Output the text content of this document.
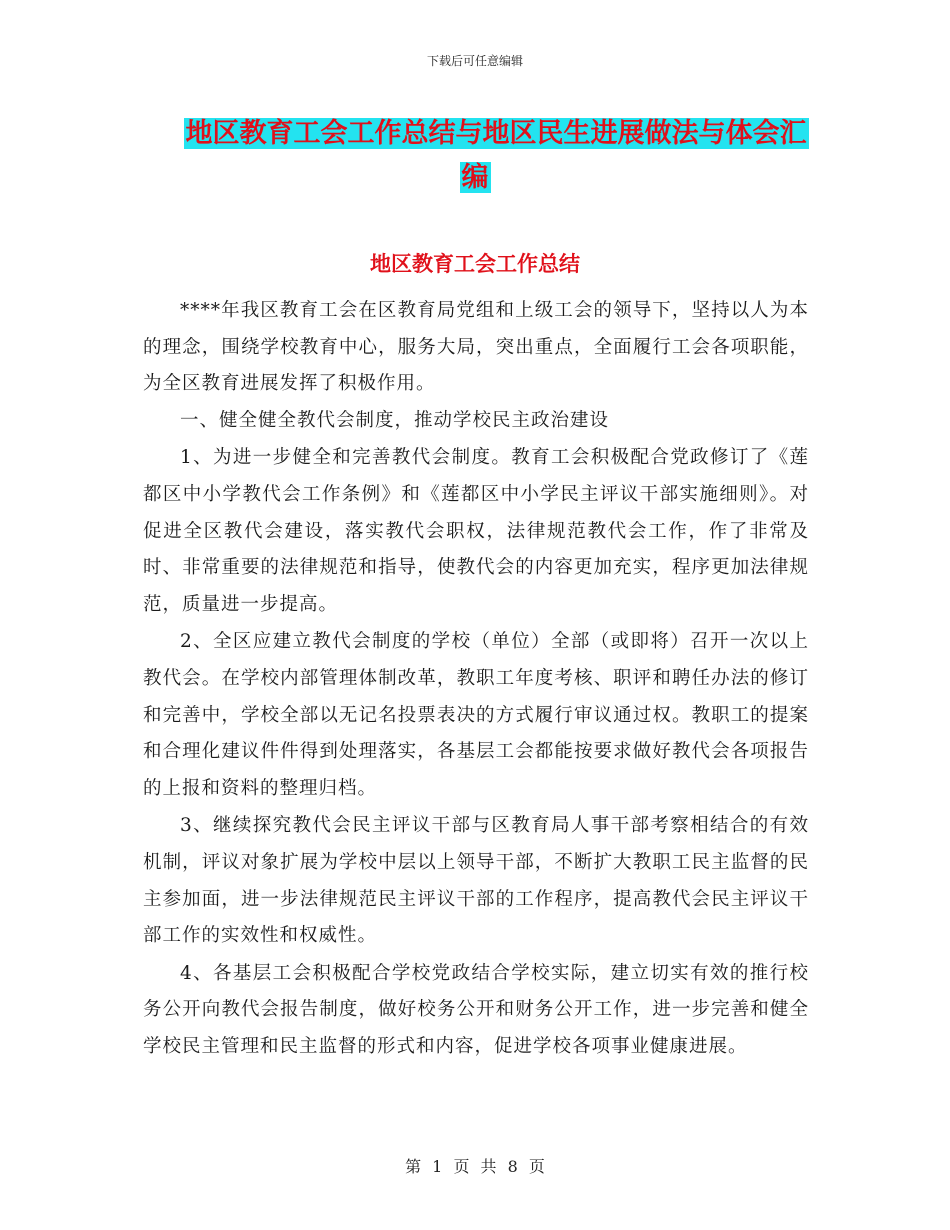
下载后可任意编辑
地区教育工会工作总结与地区民生进展做法与体会汇
编
地区教育工会工作总结

****年我区教育工会在区教育局党组和上级工会的领导下，坚持以人为本的理念，围绕学校教育中心，服务大局，突出重点，全面履行工会各项职能，为全区教育进展发挥了积极作用。

一、健全健全教代会制度，推动学校民主政治建设

1、为进一步健全和完善教代会制度。教育工会积极配合党政修订了《莲都区中小学教代会工作条例》和《莲都区中小学民主评议干部实施细则》。对促进全区教代会建设，落实教代会职权，法律规范教代会工作，作了非常及时、非常重要的法律规范和指导，使教代会的内容更加充实，程序更加法律规范，质量进一步提高。

2、全区应建立教代会制度的学校（单位）全部（或即将）召开一次以上教代会。在学校内部管理体制改革，教职工年度考核、职评和聘任办法的修订和完善中，学校全部以无记名投票表决的方式履行审议通过权。教职工的提案和合理化建议件件得到处理落实，各基层工会都能按要求做好教代会各项报告的上报和资料的整理归档。

3、继续探究教代会民主评议干部与区教育局人事干部考察相结合的有效机制，评议对象扩展为学校中层以上领导干部，不断扩大教职工民主监督的民主参加面，进一步法律规范民主评议干部的工作程序，提高教代会民主评议干部工作的实效性和权威性。

4、各基层工会积极配合学校党政结合学校实际，建立切实有效的推行校务公开向教代会报告制度，做好校务公开和财务公开工作，进一步完善和健全学校民主管理和民主监督的形式和内容，促进学校各项事业健康进展。

第 1 页 共 8 页
